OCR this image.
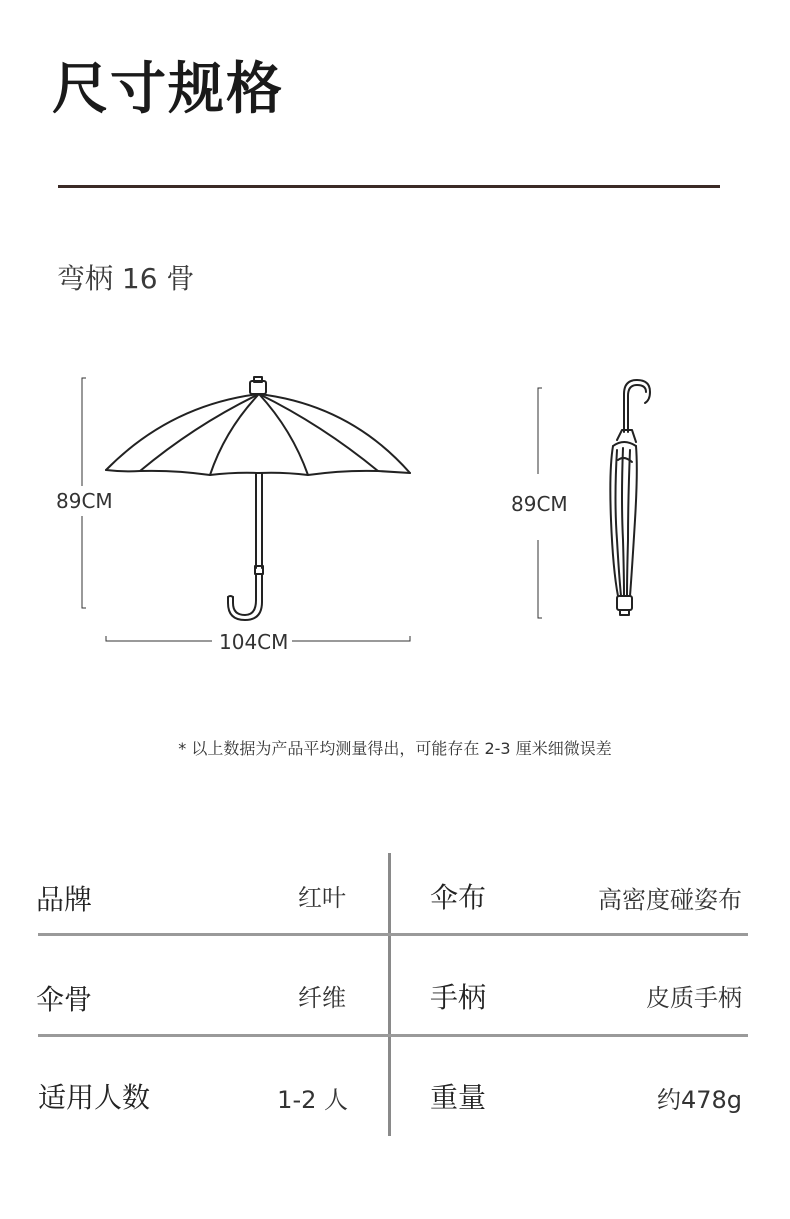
尺寸规格
弯柄 16 骨
89CM
104CM
89CM
* 以上数据为产品平均测量得出，可能存在 2-3 厘米细微误差
品牌	红叶	伞布	高密度碰姿布
伞骨	纤维	手柄	皮质手柄
适用人数	1-2 人	重量	约478g
